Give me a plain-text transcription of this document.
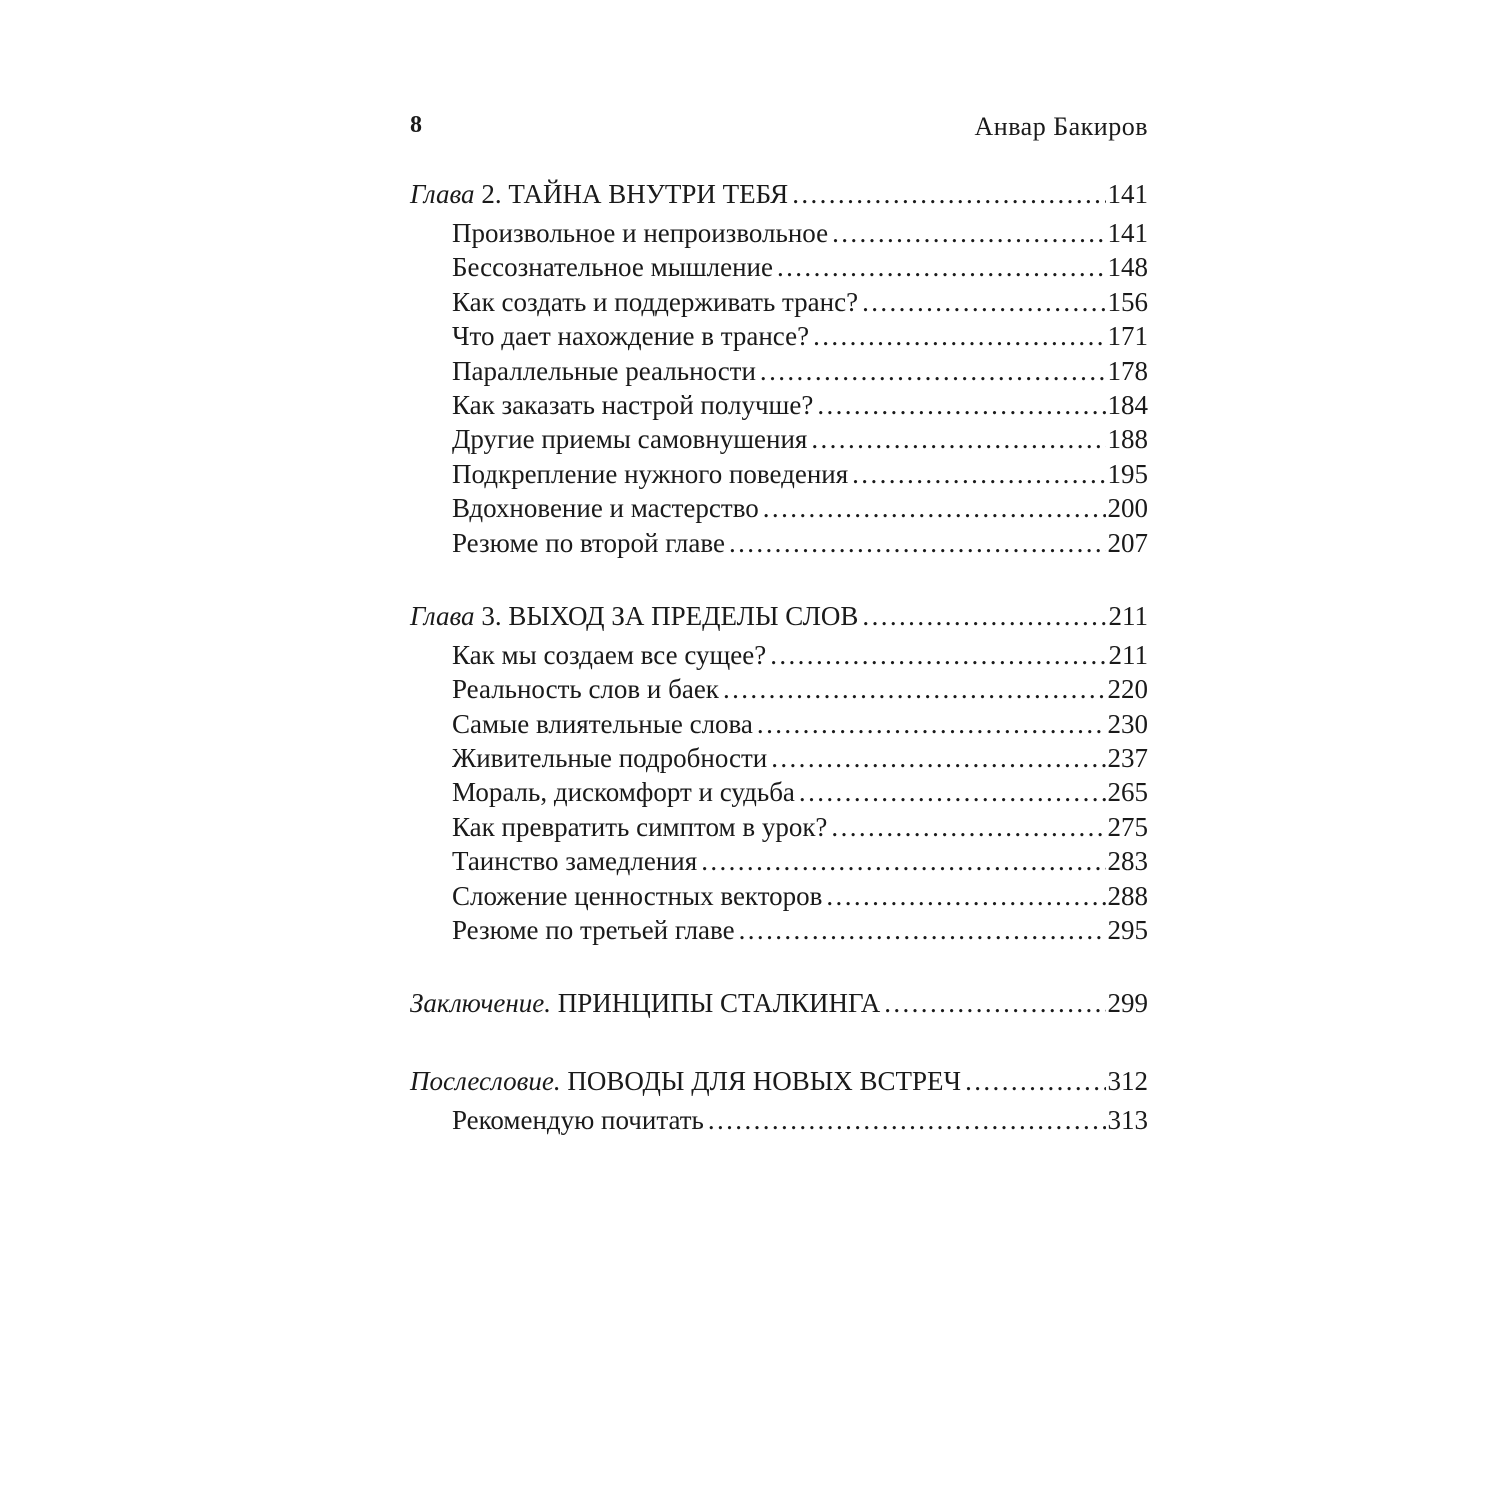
8	Анвар Бакиров
Глава 2. ТАЙНА ВНУТРИ ТЕБЯ .....	141
Произвольное и непроизвольное .....	141
Бессознательное мышление .....	148
Как создать и поддерживать транс? .....	156
Что дает нахождение в трансе? .....	171
Параллельные реальности .....	178
Как заказать настрой получше? .....	184
Другие приемы самовнушения .....	188
Подкрепление нужного поведения .....	195
Вдохновение и мастерство .....	200
Резюме по второй главе .....	207
Глава 3. ВЫХОД ЗА ПРЕДЕЛЫ СЛОВ .....	211
Как мы создаем все сущее? .....	211
Реальность слов и баек .....	220
Самые влиятельные слова .....	230
Живительные подробности .....	237
Мораль, дискомфорт и судьба .....	265
Как превратить симптом в урок? .....	275
Таинство замедления .....	283
Сложение ценностных векторов .....	288
Резюме по третьей главе .....	295
Заключение. ПРИНЦИПЫ СТАЛКИНГА .....	299
Послесловие. ПОВОДЫ ДЛЯ НОВЫХ ВСТРЕЧ .....	312
Рекомендую почитать .....	313
